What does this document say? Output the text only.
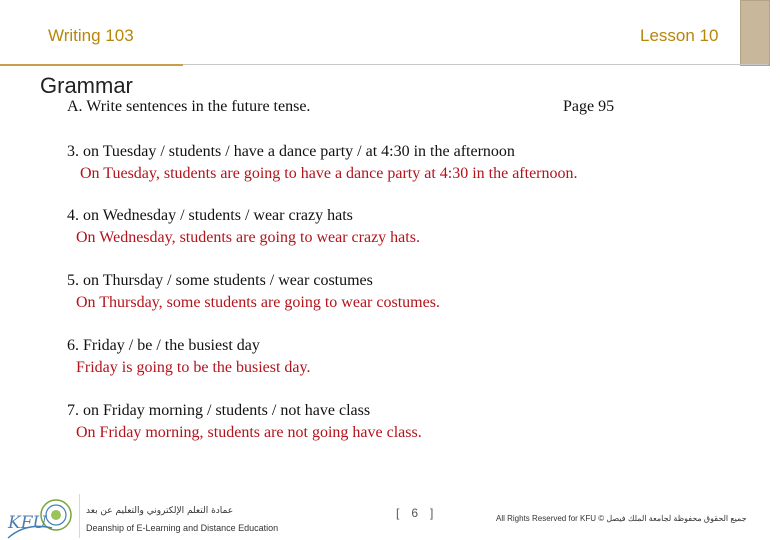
Writing 103	Lesson 10
Grammar
A. Write sentences in the future tense.	Page 95
3. on Tuesday / students / have a dance party / at 4:30 in the afternoon
On Tuesday, students are going to have a dance party at 4:30 in the afternoon.
4. on Wednesday / students / wear crazy hats
On Wednesday, students are going to wear crazy hats.
5. on Thursday / some students / wear costumes
On Thursday, some students are going to wear costumes.
6. Friday / be / the busiest day
Friday is going to be the busiest day.
7. on Friday morning / students / not have class
On Friday morning, students are not going have class.
KFU
عمادة التعلم الإلكتروني والتعليم عن بعد
Deanship of E-Learning and Distance Education
[ 6 ]	All Rights Reserved for KFU © جميع الحقوق محفوظة لجامعة الملك فيصل
